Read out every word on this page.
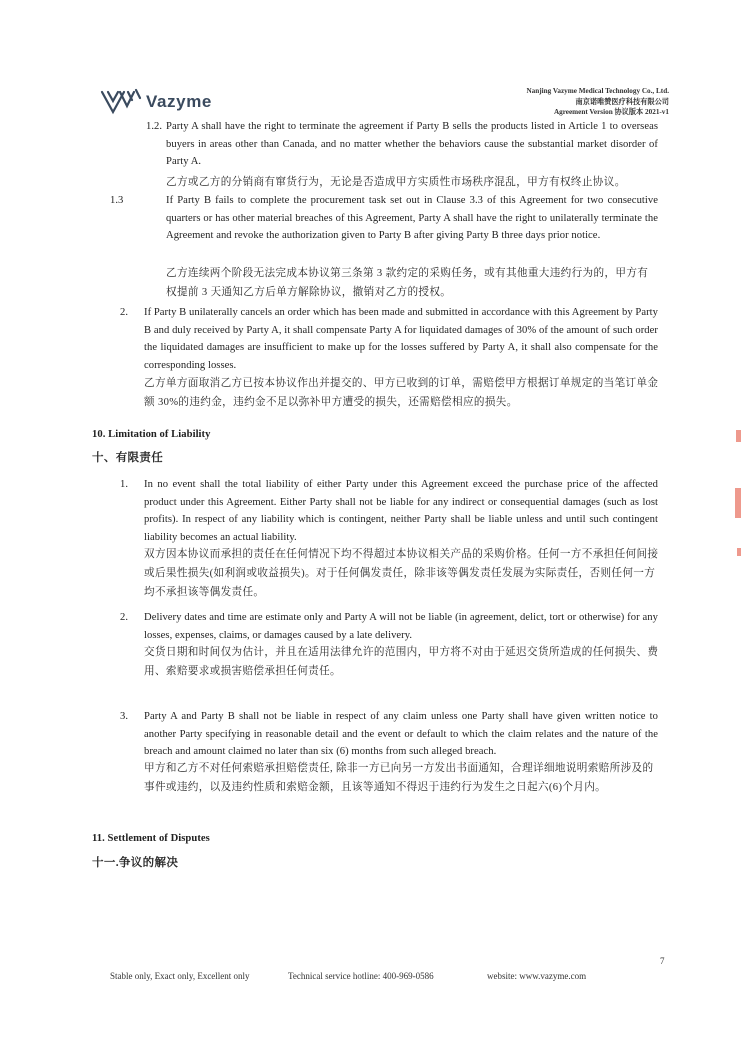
Vazyme
Nanjing Vazyme Medical Technology Co., Ltd.
南京诺唯赞医疗科技有限公司
Agreement Version 协议版本 2021-v1
1.2. Party A shall have the right to terminate the agreement if Party B sells the products listed in Article 1 to overseas buyers in areas other than Canada, and no matter whether the behaviors cause the substantial market disorder of Party A.
乙方或乙方的分销商有窜货行为，无论是否造成甲方实质性市场秩序混乱，甲方有权终止协议。
1.3	If Party B fails to complete the procurement task set out in Clause 3.3 of this Agreement for two consecutive quarters or has other material breaches of this Agreement, Party A shall have the right to unilaterally terminate the Agreement and revoke the authorization given to Party B after giving Party B three days prior notice.
乙方连续两个阶段无法完成本协议第三条第 3 款约定的采购任务，或有其他重大违约行为的，甲方有权提前 3 天通知乙方后单方解除协议，撤销对乙方的授权。
2. If Party B unilaterally cancels an order which has been made and submitted in accordance with this Agreement by Party B and duly received by Party A, it shall compensate Party A for liquidated damages of 30% of the amount of such order the liquidated damages are insufficient to make up for the losses suffered by Party A, it shall also compensate for the corresponding losses.
乙方单方面取消乙方已按本协议作出并提交的、甲方已收到的订单，需赔偿甲方根据订单规定的当笔订单金额 30%的违约金，违约金不足以弥补甲方遭受的损失，还需赔偿相应的损失。
10. Limitation of Liability
十、有限责任
1. In no event shall the total liability of either Party under this Agreement exceed the purchase price of the affected product under this Agreement. Either Party shall not be liable for any indirect or consequential damages (such as lost profits). In respect of any liability which is contingent, neither Party shall be liable unless and until such contingent liability becomes an actual liability.
双方因本协议而承担的责任在任何情况下均不得超过本协议相关产品的采购价格。任何一方不承担任何间接或后果性损失(如利润或收益损失)。对于任何偶发责任，除非该等偶发责任发展为实际责任，否则任何一方均不承担该等偶发责任。
2. Delivery dates and time are estimate only and Party A will not be liable (in agreement, delict, tort or otherwise) for any losses, expenses, claims, or damages caused by a late delivery.
交货日期和时间仅为估计，并且在适用法律允许的范围内，甲方将不对由于延迟交货所造成的任何损失、费用、索赔要求或损害赔偿承担任何责任。
3. Party A and Party B shall not be liable in respect of any claim unless one Party shall have given written notice to another Party specifying in reasonable detail and the event or default to which the claim relates and the nature of the breach and amount claimed no later than six (6) months from such alleged breach.
甲方和乙方不对任何索赔承担赔偿责任, 除非一方已向另一方发出书面通知，合理详细地说明索赔所涉及的事件或违约，以及违约性质和索赔金额，且该等通知不得迟于违约行为发生之日起六(6)个月内。
11. Settlement of Disputes
十一.争议的解决
7
Stable only, Exact only, Excellent only	Technical service hotline: 400-969-0586	website: www.vazyme.com
